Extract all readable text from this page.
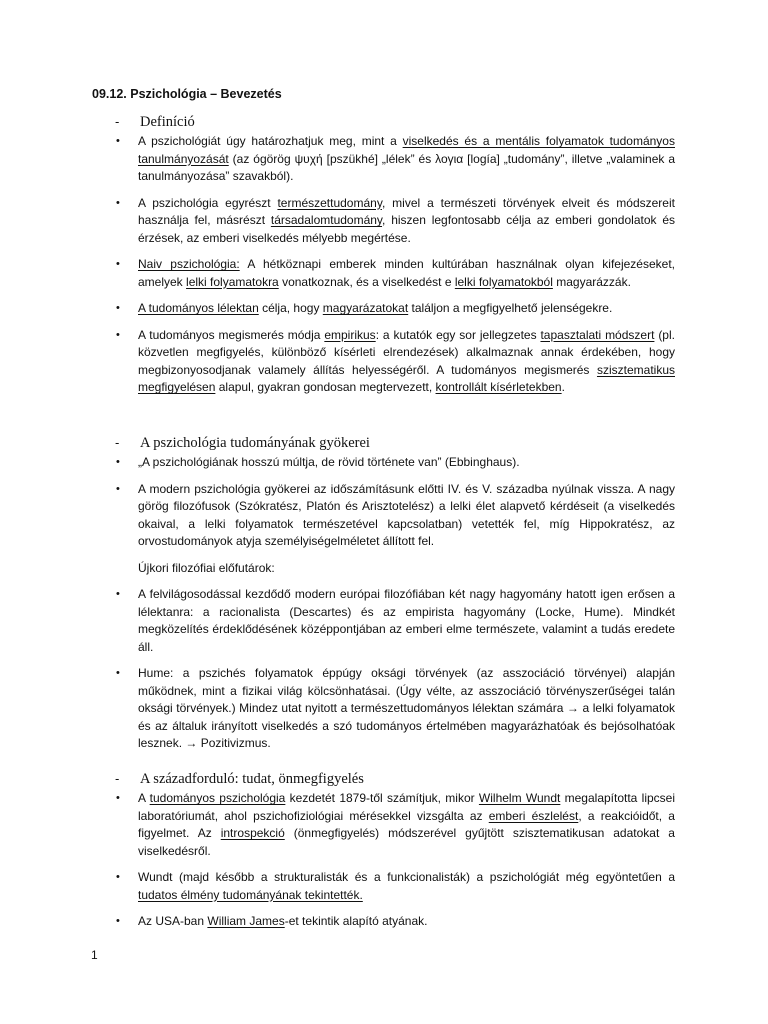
09.12. Pszichológia – Bevezetés
- Definíció
• A pszichológiát úgy határozhatjuk meg, mint a viselkedés és a mentális folyamatok tudományos tanulmányozását (az ógörög ψυχή [pszükhé] „lélek” és λογια [logía] „tudomány”, illetve „valaminek a tanulmányozása” szavakból).
• A pszichológia egyrészt természettudomány, mivel a természeti törvények elveit és módszereit használja fel, másrészt társadalomtudomány, hiszen legfontosabb célja az emberi gondolatok és érzések, az emberi viselkedés mélyebb megértése.
• Naiv pszichológia: A hétköznapi emberek minden kultúrában használnak olyan kifejezéseket, amelyek lelki folyamatokra vonatkoznak, és a viselkedést e lelki folyamatokból magyarázzák.
• A tudományos lélektan célja, hogy magyarázatokat találjon a megfigyelhető jelenségekre.
• A tudományos megismerés módja empirikus: a kutatók egy sor jellegzetes tapasztalati módszert (pl. közvetlen megfigyelés, különböző kísérleti elrendezések) alkalmaznak annak érdekében, hogy megbizonyosodjanak valamely állítás helyességéről. A tudományos megismerés szisztematikus megfigyelésen alapul, gyakran gondosan megtervezett, kontrollált kísérletekben.
- A pszichológia tudományának gyökerei
• „A pszichológiának hosszú múltja, de rövid története van” (Ebbinghaus).
• A modern pszichológia gyökerei az időszámításunk előtti IV. és V. századba nyúlnak vissza. A nagy görög filozófusok (Szókratész, Platón és Arisztotelész) a lelki élet alapvető kérdéseit (a viselkedés okaival, a lelki folyamatok természetével kapcsolatban) vetették fel, míg Hippokratész, az orvostudományok atyja személyiségelméletet állított fel.
Újkori filozófiai előfutárok:
• A felvilágosodással kezdődő modern európai filozófiában két nagy hagyomány hatott igen erősen a lélektanra: a racionalista (Descartes) és az empirista hagyomány (Locke, Hume). Mindkét megközelítés érdeklődésének középpontjában az emberi elme természete, valamint a tudás eredete áll.
• Hume: a pszichés folyamatok éppúgy oksági törvények (az asszociáció törvényei) alapján működnek, mint a fizikai világ kölcsönhatásai. (Úgy vélte, az asszociáció törvényszerűségei talán oksági törvények.) Mindez utat nyitott a természettudományos lélektan számára → a lelki folyamatok és az általuk irányított viselkedés a szó tudományos értelmében magyarázhatóak és bejósolhatóak lesznek. → Pozitivizmus.
- A századforduló: tudat, önmegfigyelés
• A tudományos pszichológia kezdetét 1879-től számítjuk, mikor Wilhelm Wundt megalapította lipcsei laboratóriumát, ahol pszichofiziológiai mérésekkel vizsgálta az emberi észlelést, a reakcióidőt, a figyelmet. Az introspekció (önmegfigyelés) módszerével gyűjtött szisztematikusan adatokat a viselkedésről.
• Wundt (majd később a strukturalisták és a funkcionalisták) a pszichológiát még egyöntetűen a tudatos élmény tudományának tekintették.
• Az USA-ban William James-et tekintik alapító atyának.
1
